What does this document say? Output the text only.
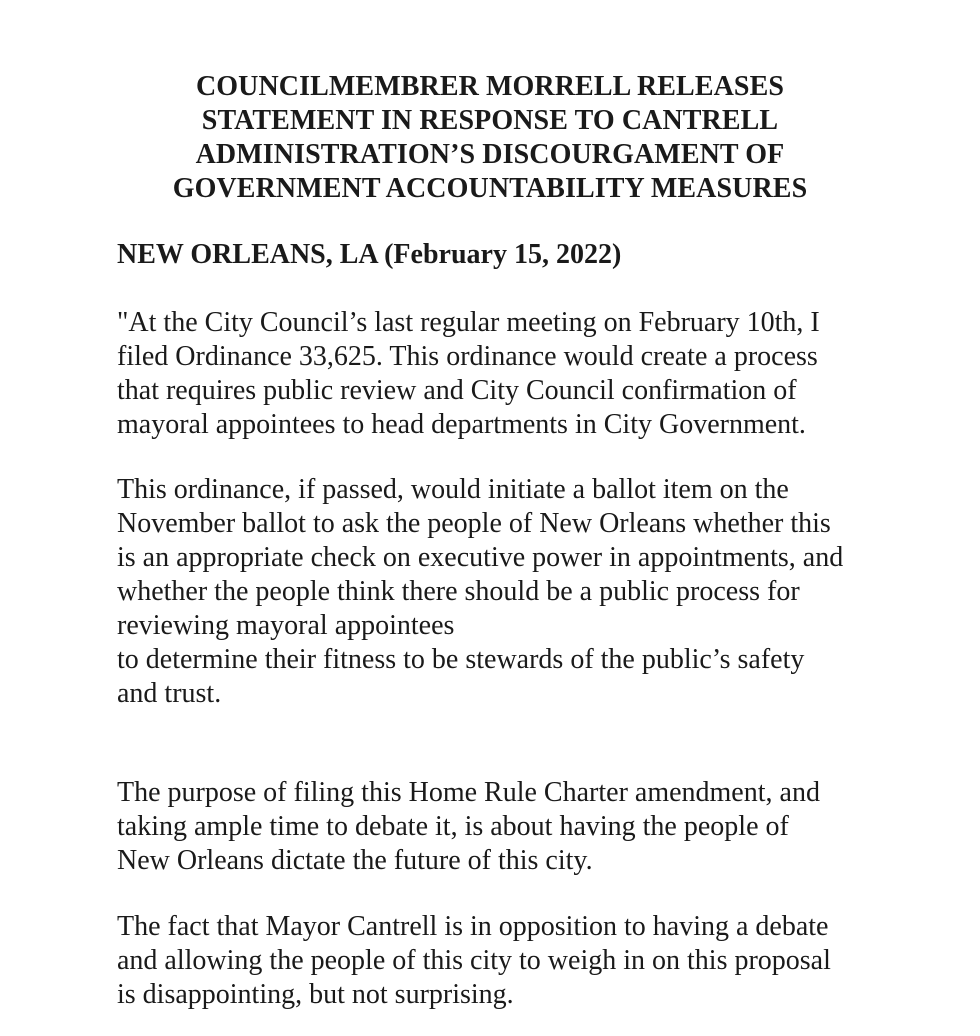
COUNCILMEMBRER MORRELL RELEASES
STATEMENT IN RESPONSE TO CANTRELL
ADMINISTRATION’S DISCOURGAMENT OF
GOVERNMENT ACCOUNTABILITY MEASURES

NEW ORLEANS, LA (February 15, 2022)

"At the City Council’s last regular meeting on February 10th, I
filed Ordinance 33,625. This ordinance would create a process
that requires public review and City Council confirmation of
mayoral appointees to head departments in City Government.

This ordinance, if passed, would initiate a ballot item on the
November ballot to ask the people of New Orleans whether this
is an appropriate check on executive power in appointments, and
whether the people think there should be a public process for
reviewing mayoral appointees
to determine their fitness to be stewards of the public’s safety
and trust.

The purpose of filing this Home Rule Charter amendment, and
taking ample time to debate it, is about having the people of
New Orleans dictate the future of this city.

The fact that Mayor Cantrell is in opposition to having a debate
and allowing the people of this city to weigh in on this proposal
is disappointing, but not surprising.
